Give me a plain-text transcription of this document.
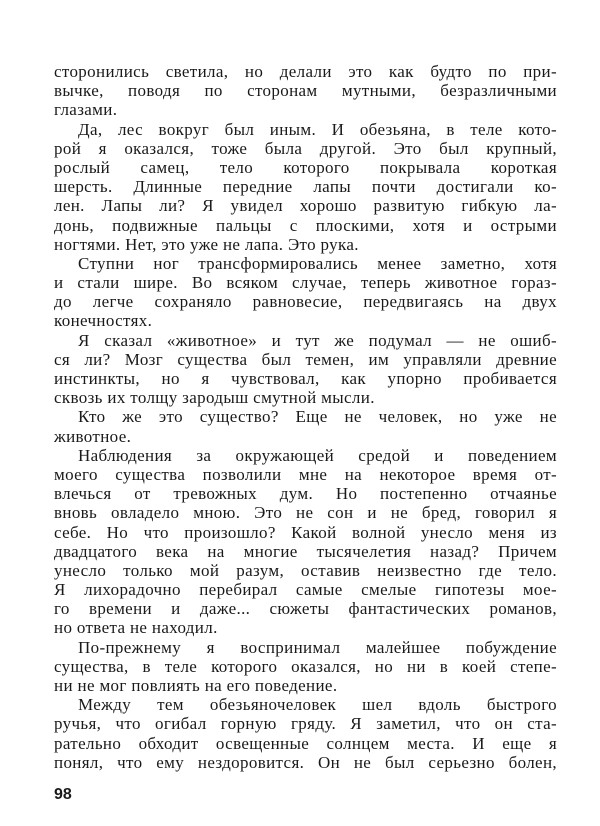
сторонились светила, но делали это как будто по при-
вычке, поводя по сторонам мутными, безразличными
глазами.
Да, лес вокруг был иным. И обезьяна, в теле кото-
рой я оказался, тоже была другой. Это был крупный,
рослый самец, тело которого покрывала короткая
шерсть. Длинные передние лапы почти достигали ко-
лен. Лапы ли? Я увидел хорошо развитую гибкую ла-
донь, подвижные пальцы с плоскими, хотя и острыми
ногтями. Нет, это уже не лапа. Это рука.
Ступни ног трансформировались менее заметно, хотя
и стали шире. Во всяком случае, теперь животное гораз-
до легче сохраняло равновесие, передвигаясь на двух
конечностях.
Я сказал «животное» и тут же подумал — не ошиб-
ся ли? Мозг существа был темен, им управляли древние
инстинкты, но я чувствовал, как упорно пробивается
сквозь их толщу зародыш смутной мысли.
Кто же это существо? Еще не человек, но уже не
животное.
Наблюдения за окружающей средой и поведением
моего существа позволили мне на некоторое время от-
влечься от тревожных дум. Но постепенно отчаянье
вновь овладело мною. Это не сон и не бред, говорил я
себе. Но что произошло? Какой волной унесло меня из
двадцатого века на многие тысячелетия назад? Причем
унесло только мой разум, оставив неизвестно где тело.
Я лихорадочно перебирал самые смелые гипотезы мое-
го времени и даже... сюжеты фантастических романов,
но ответа не находил.
По-прежнему я воспринимал малейшее побуждение
существа, в теле которого оказался, но ни в коей степе-
ни не мог повлиять на его поведение.
Между тем обезьяночеловек шел вдоль быстрого
ручья, что огибал горную гряду. Я заметил, что он ста-
рательно обходит освещенные солнцем места. И еще я
понял, что ему нездоровится. Он не был серьезно болен,
98
